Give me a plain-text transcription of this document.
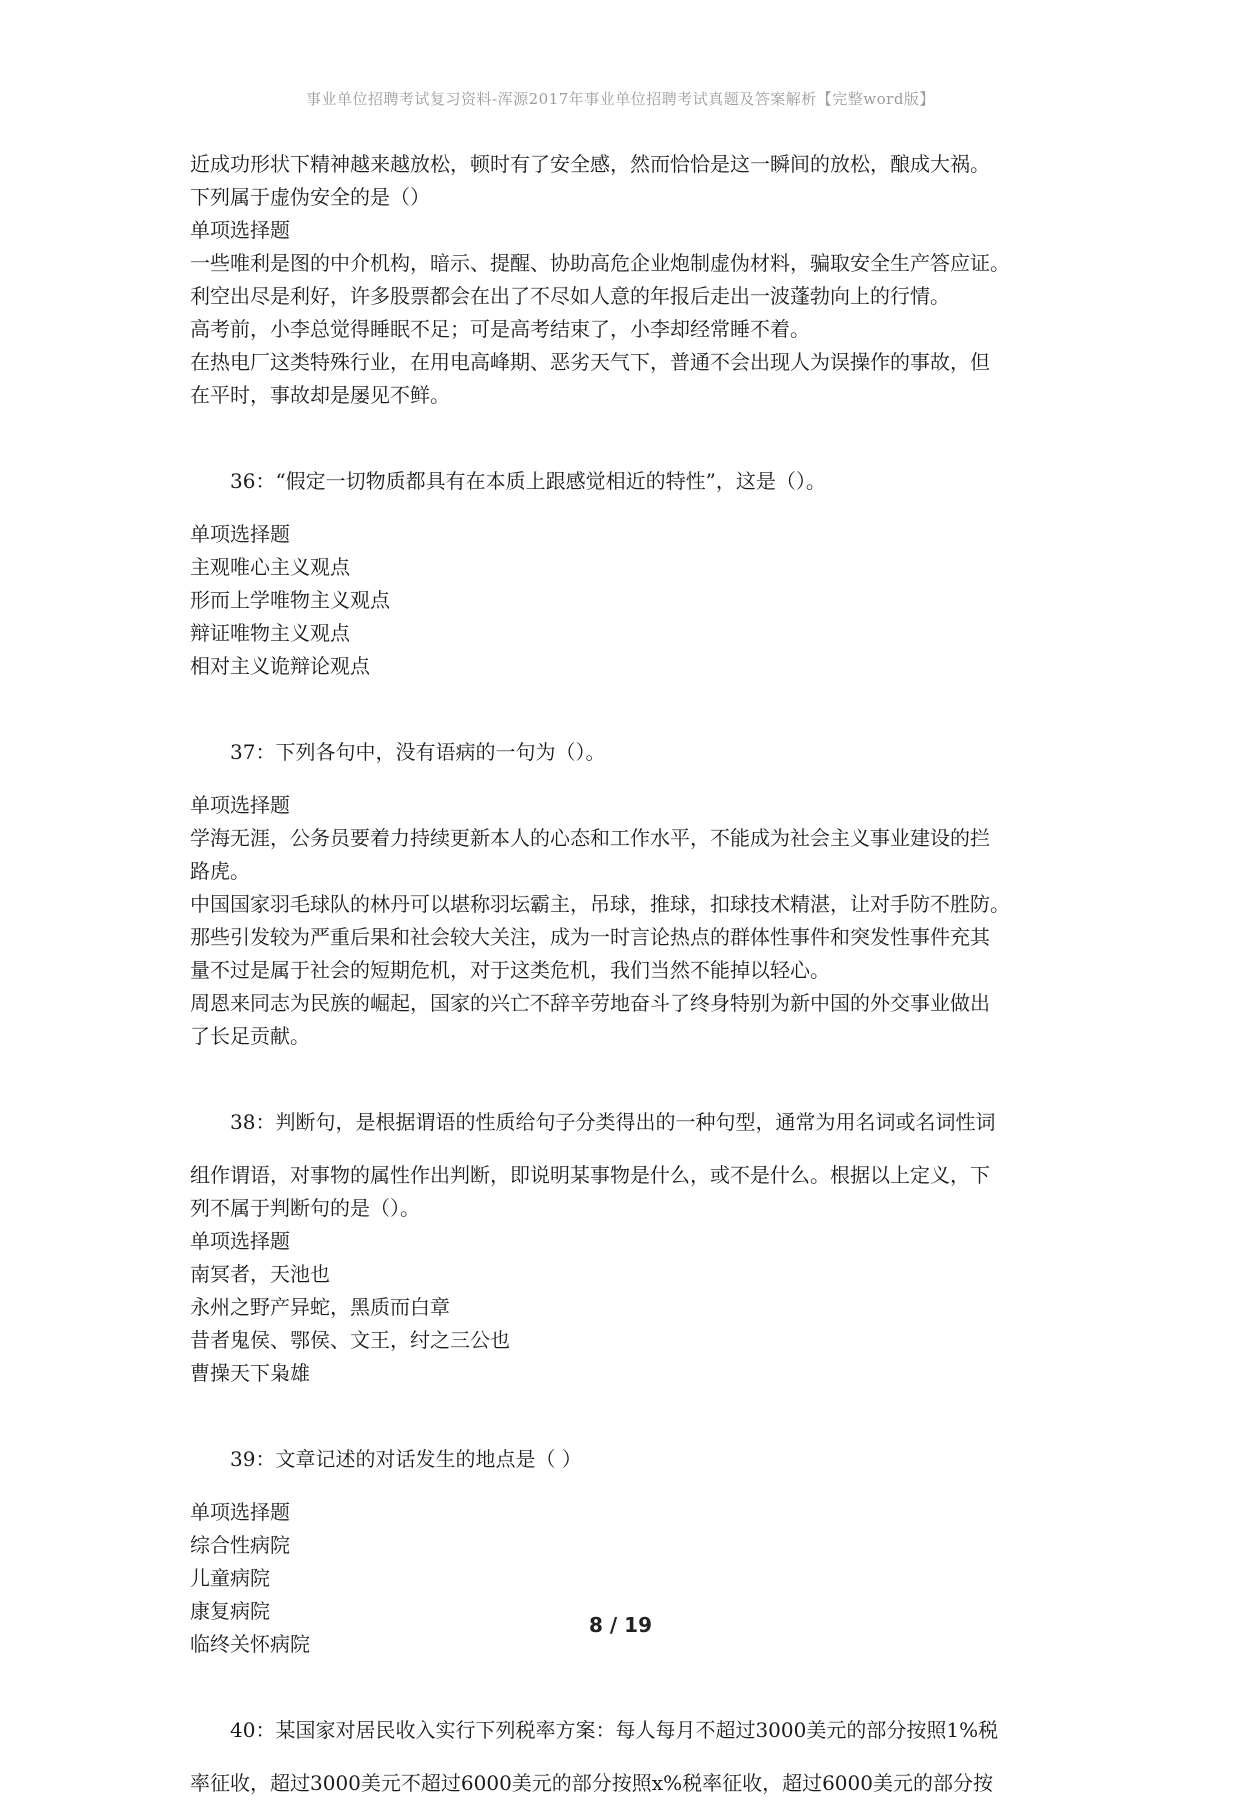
事业单位招聘考试复习资料-浑源2017年事业单位招聘考试真题及答案解析【完整word版】

近成功形状下精神越来越放松，顿时有了安全感，然而恰恰是这一瞬间的放松，酿成大祸。

下列属于虚伪安全的是（）

单项选择题

一些唯利是图的中介机构，暗示、提醒、协助高危企业炮制虚伪材料，骗取安全生产答应证。

利空出尽是利好，许多股票都会在出了不尽如人意的年报后走出一波蓬勃向上的行情。

高考前，小李总觉得睡眠不足；可是高考结束了，小李却经常睡不着。

在热电厂这类特殊行业，在用电高峰期、恶劣天气下，普通不会出现人为误操作的事故，但

在平时，事故却是屡见不鲜。

36：“假定一切物质都具有在本质上跟感觉相近的特性”，这是（）。

单项选择题

主观唯心主义观点

形而上学唯物主义观点

辩证唯物主义观点

相对主义诡辩论观点

37：下列各句中，没有语病的一句为（）。

单项选择题

学海无涯，公务员要着力持续更新本人的心态和工作水平，不能成为社会主义事业建设的拦

路虎。

中国国家羽毛球队的林丹可以堪称羽坛霸主，吊球，推球，扣球技术精湛，让对手防不胜防。

那些引发较为严重后果和社会较大关注，成为一时言论热点的群体性事件和突发性事件充其

量不过是属于社会的短期危机，对于这类危机，我们当然不能掉以轻心。

周恩来同志为民族的崛起，国家的兴亡不辞辛劳地奋斗了终身特别为新中国的外交事业做出

了长足贡献。

38：判断句，是根据谓语的性质给句子分类得出的一种句型，通常为用名词或名词性词

组作谓语，对事物的属性作出判断，即说明某事物是什么，或不是什么。根据以上定义，下

列不属于判断句的是（）。

单项选择题

南冥者，天池也

永州之野产异蛇，黑质而白章

昔者鬼侯、鄂侯、文王，纣之三公也

曹操天下枭雄

39：文章记述的对话发生的地点是（ ）

单项选择题

综合性病院

儿童病院

康复病院

临终关怀病院

40：某国家对居民收入实行下列税率方案：每人每月不超过3000美元的部分按照1%税

率征收，超过3000美元不超过6000美元的部分按照x%税率征收，超过6000美元的部分按

8 / 19
